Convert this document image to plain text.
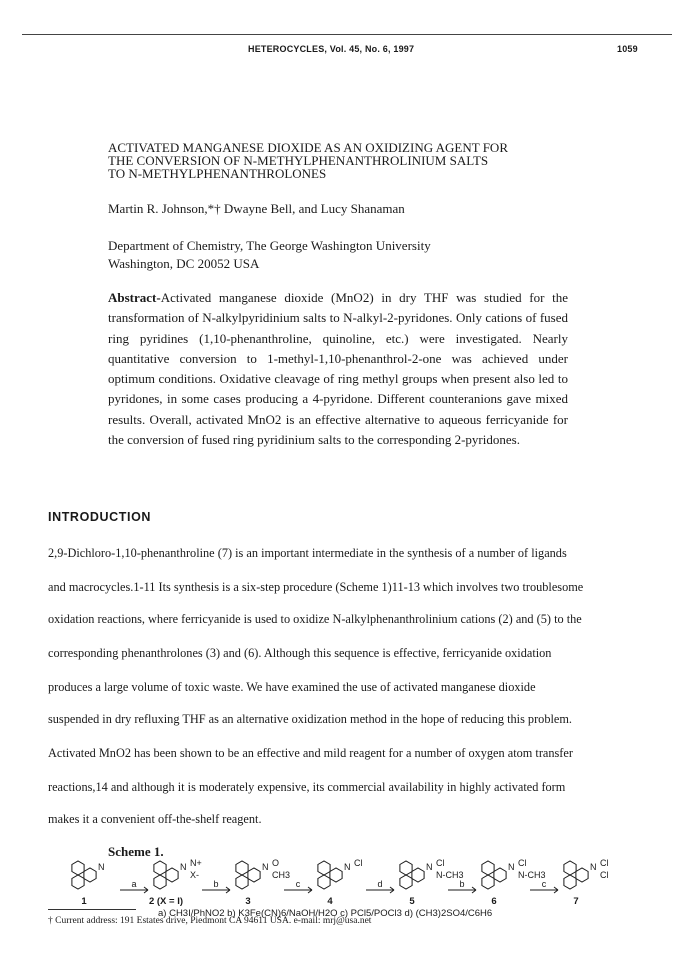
HETEROCYCLES, Vol. 45, No. 6, 1997	1059
ACTIVATED MANGANESE DIOXIDE AS AN OXIDIZING AGENT FOR
THE CONVERSION OF N-METHYLPHENANTHROLINIUM SALTS
TO N-METHYLPHENANTHROLONES
Martin R. Johnson,*† Dwayne Bell, and Lucy Shanaman
Department of Chemistry, The George Washington University
Washington, DC 20052 USA
Abstract-Activated manganese dioxide (MnO2) in dry THF was studied for the transformation of N-alkylpyridinium salts to N-alkyl-2-pyridones. Only cations of fused ring pyridines (1,10-phenanthroline, quinoline, etc.) were investigated. Nearly quantitative conversion to 1-methyl-1,10-phenanthrol-2-one was achieved under optimum conditions. Oxidative cleavage of ring methyl groups when present also led to pyridones, in some cases producing a 4-pyridone. Different counteranions gave mixed results. Overall, activated MnO2 is an effective alternative to aqueous ferricyanide for the conversion of fused ring pyridinium salts to the corresponding 2-pyridones.
INTRODUCTION
2,9-Dichloro-1,10-phenanthroline (7) is an important intermediate in the synthesis of a number of ligands
and macrocycles.1-11 Its synthesis is a six-step procedure (Scheme 1)11-13 which involves two troublesome
oxidation reactions, where ferricyanide is used to oxidize N-alkylphenanthrolinium cations (2) and (5) to the
corresponding phenanthrolones (3) and (6). Although this sequence is effective, ferricyanide oxidation
produces a large volume of toxic waste. We have examined the use of activated manganese dioxide
suspended in dry refluxing THF as an alternative oxidization method in the hope of reducing this problem.
Activated MnO2 has been shown to be an effective and mild reagent for a number of oxygen atom transfer
reactions,14 and although it is moderately expensive, its commercial availability in highly activated form
makes it a convenient off-the-shelf reagent.
Scheme 1.
N
1
N N+
X-
2 (X = I)
N O
CH3
3
N Cl
4
N Cl
N-CH3
5
N Cl
N-CH3
6
N Cl
Cl
7
a	b	c	d	b	c
a) CH3I/PhNO2 b) K3Fe(CN)6/NaOH/H2O c) PCl5/POCl3 d) (CH3)2SO4/C6H6
† Current address: 191 Estates drive, Piedmont CA 94611 USA. e-mail: mrj@usa.net
